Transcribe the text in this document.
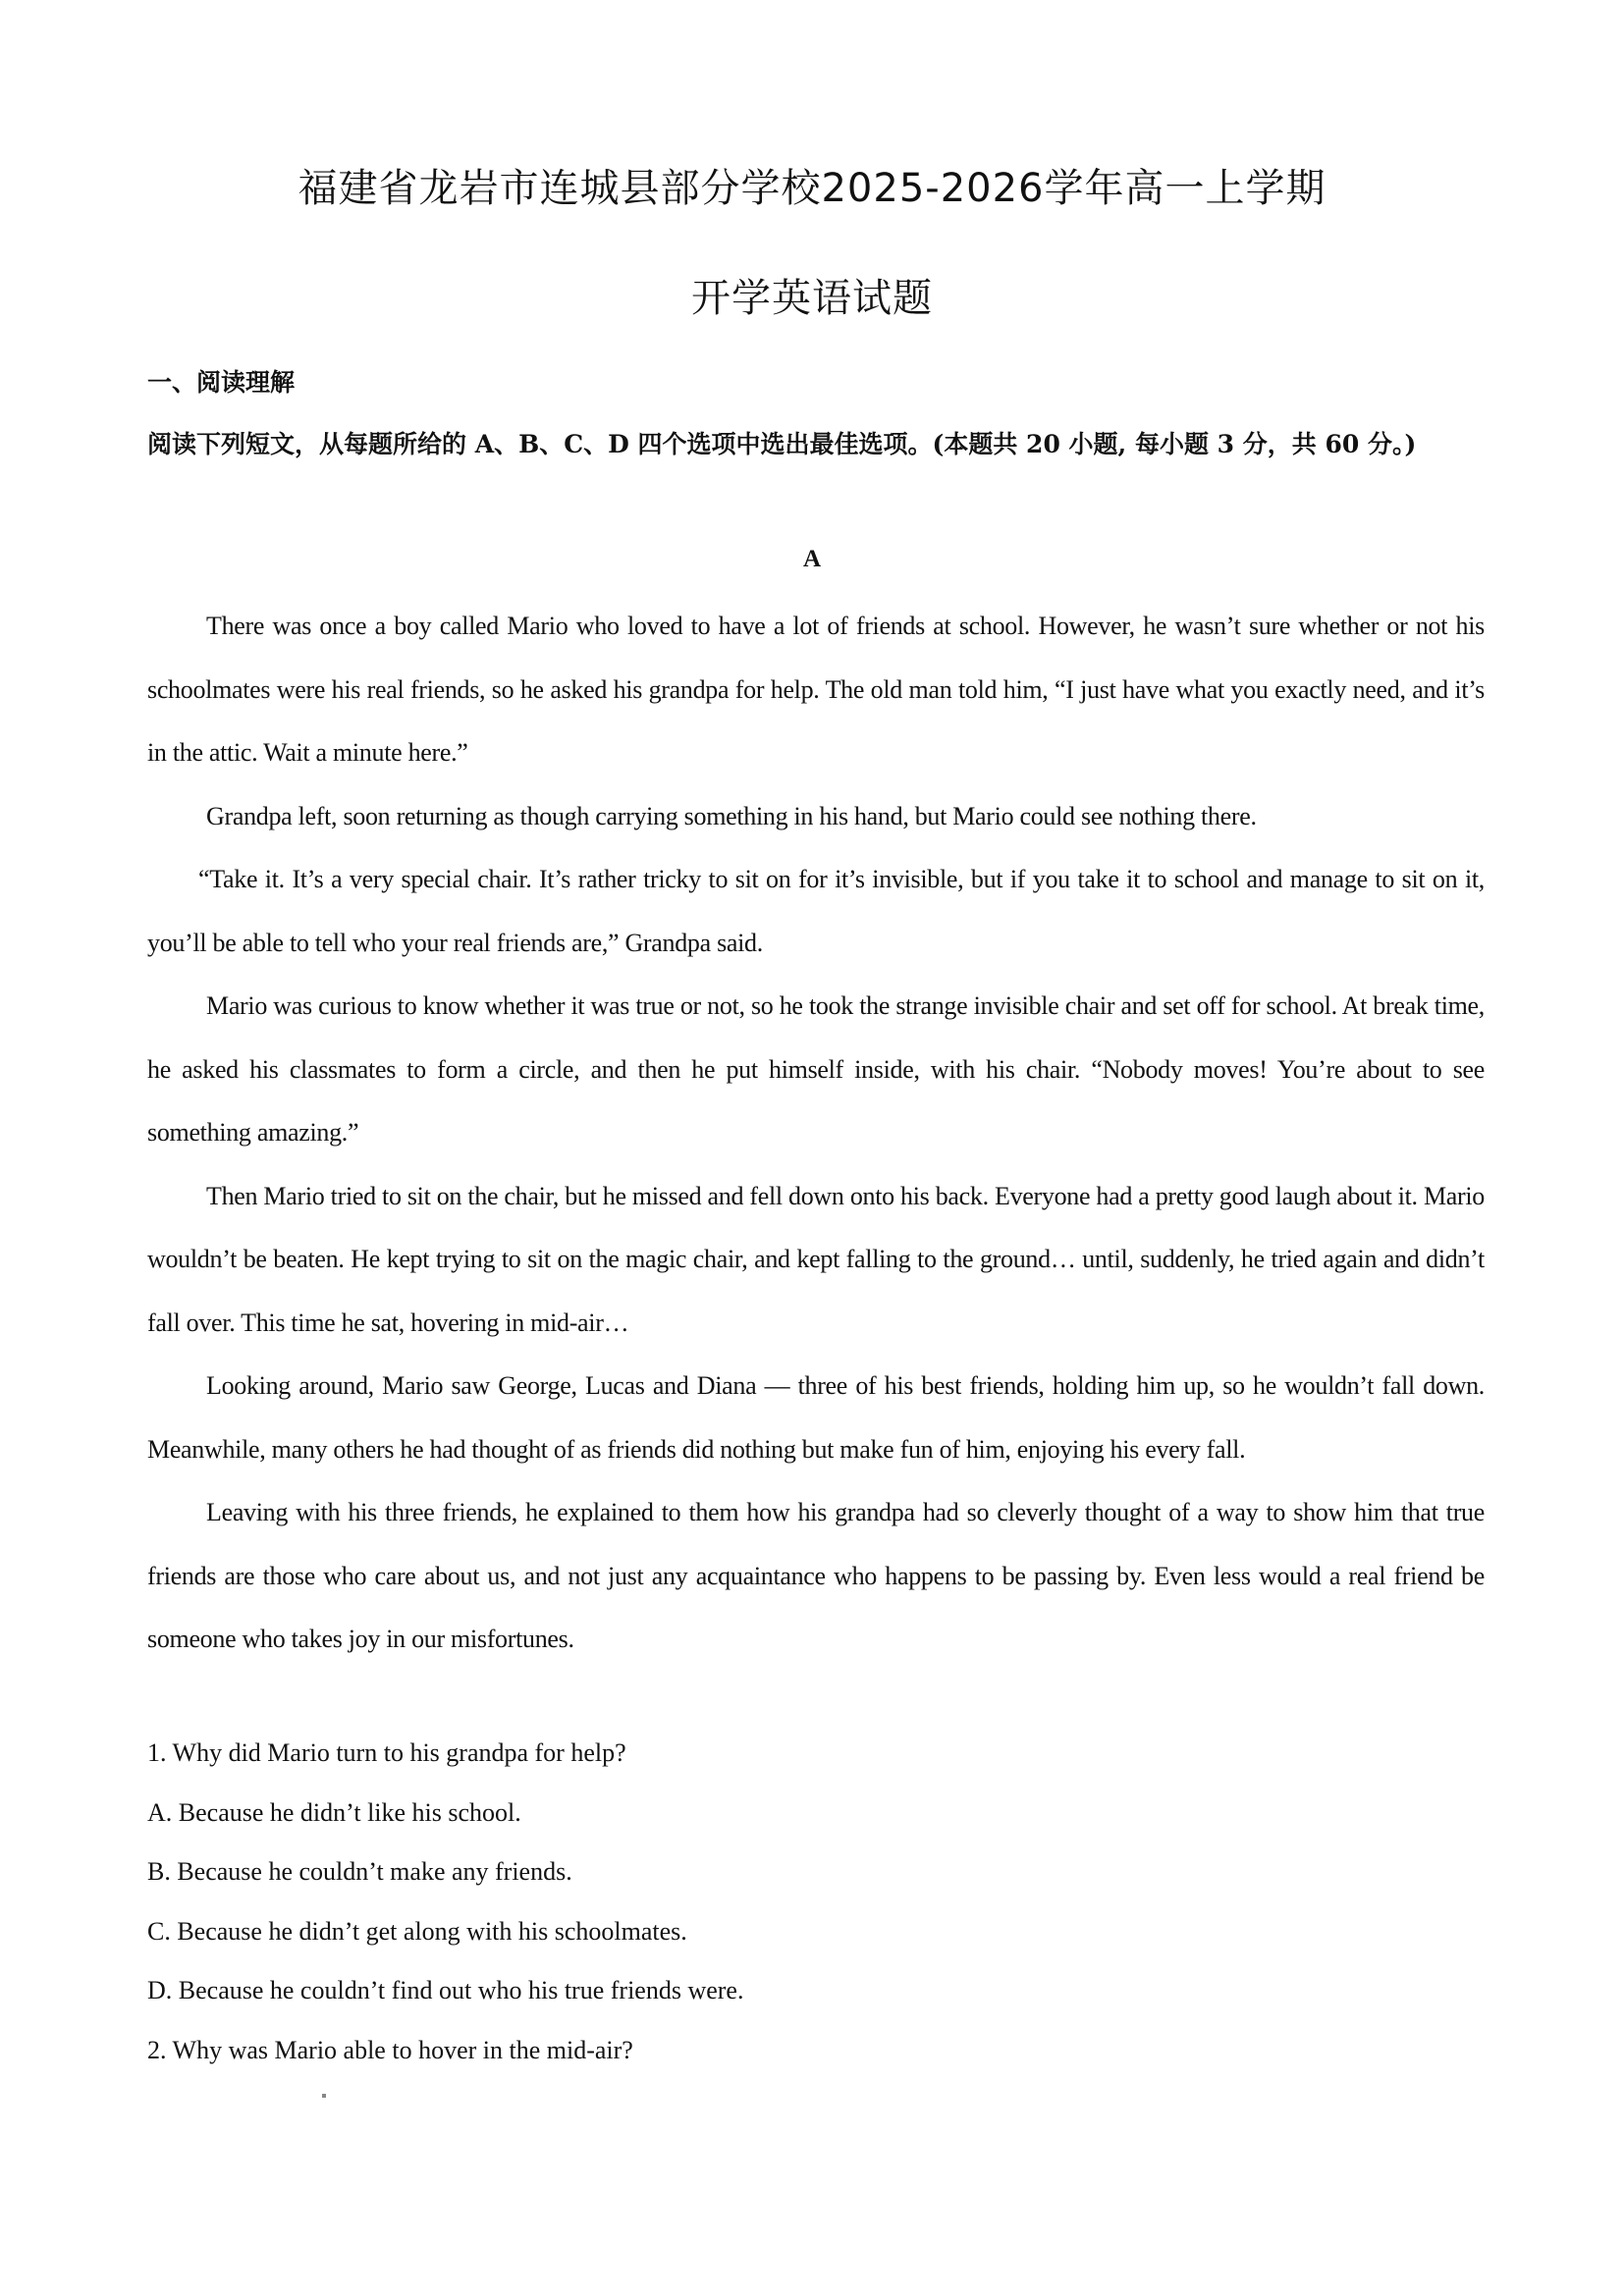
福建省龙岩市连城县部分学校2025-2026学年高一上学期
开学英语试题
一、阅读理解
阅读下列短文，从每题所给的 A、B、C、D 四个选项中选出最佳选项。(本题共 20 小题, 每小题 3 分，共 60 分。)
A

There was once a boy called Mario who loved to have a lot of friends at school. However, he wasn’t sure whether or not his schoolmates were his real friends, so he asked his grandpa for help. The old man told him, “I just have what you exactly need, and it’s in the attic. Wait a minute here.”

Grandpa left, soon returning as though carrying something in his hand, but Mario could see nothing there.

“Take it. It’s a very special chair. It’s rather tricky to sit on for it’s invisible, but if you take it to school and manage to sit on it, you’ll be able to tell who your real friends are,” Grandpa said.

Mario was curious to know whether it was true or not, so he took the strange invisible chair and set off for school. At break time, he asked his classmates to form a circle, and then he put himself inside, with his chair. “Nobody moves! You’re about to see something amazing.”

Then Mario tried to sit on the chair, but he missed and fell down onto his back. Everyone had a pretty good laugh about it. Mario wouldn’t be beaten. He kept trying to sit on the magic chair, and kept falling to the ground… until, suddenly, he tried again and didn’t fall over. This time he sat, hovering in mid-air…

Looking around, Mario saw George, Lucas and Diana — three of his best friends, holding him up, so he wouldn’t fall down. Meanwhile, many others he had thought of as friends did nothing but make fun of him, enjoying his every fall.

Leaving with his three friends, he explained to them how his grandpa had so cleverly thought of a way to show him that true friends are those who care about us, and not just any acquaintance who happens to be passing by. Even less would a real friend be someone who takes joy in our misfortunes.

1. Why did Mario turn to his grandpa for help?
A. Because he didn’t like his school.
B. Because he couldn’t make any friends.
C. Because he didn’t get along with his schoolmates.
D. Because he couldn’t find out who his true friends were.
2. Why was Mario able to hover in the mid-air?
